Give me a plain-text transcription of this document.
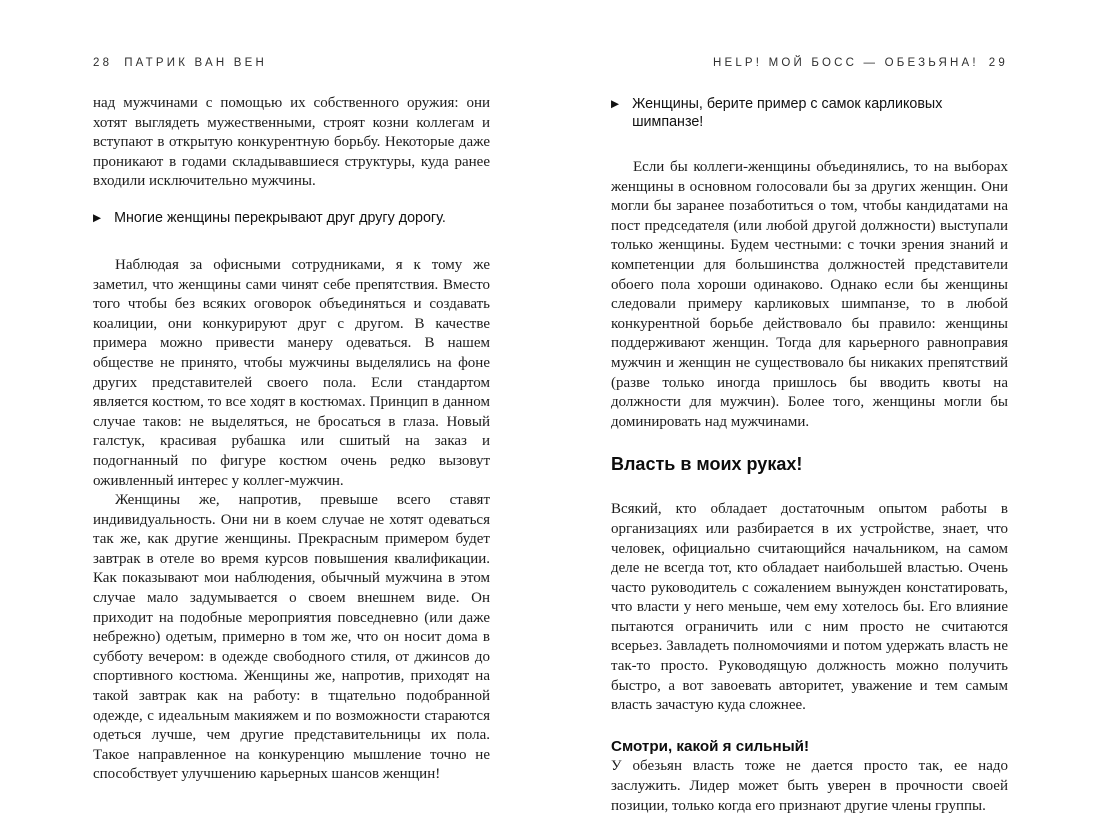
28 ПАТРИК ВАН ВЕН

над мужчинами с помощью их собственного оружия: они хотят выглядеть мужественными, строят козни коллегам и вступают в открытую конкурентную борьбу. Некоторые даже проникают в годами складывавшиеся структуры, куда ранее входили исключительно мужчины.

▶ Многие женщины перекрывают друг другу дорогу.

Наблюдая за офисными сотрудниками, я к тому же заметил, что женщины сами чинят себе препятствия. Вместо того чтобы без всяких оговорок объединяться и создавать коалиции, они конкурируют друг с другом. В качестве примера можно привести манеру одеваться. В нашем обществе не принято, чтобы мужчины выделялись на фоне других представителей своего пола. Если стандартом является костюм, то все ходят в костюмах. Принцип в данном случае таков: не выделяться, не бросаться в глаза. Новый галстук, красивая рубашка или сшитый на заказ и подогнанный по фигуре костюм очень редко вызовут оживленный интерес у коллег-мужчин.

Женщины же, напротив, превыше всего ставят индивидуальность. Они ни в коем случае не хотят одеваться так же, как другие женщины. Прекрасным примером будет завтрак в отеле во время курсов повышения квалификации. Как показывают мои наблюдения, обычный мужчина в этом случае мало задумывается о своем внешнем виде. Он приходит на подобные мероприятия повседневно (или даже небрежно) одетым, примерно в том же, что он носит дома в субботу вечером: в одежде свободного стиля, от джинсов до спортивного костюма. Женщины же, напротив, приходят на такой завтрак как на работу: в тщательно подобранной одежде, с идеальным макияжем и по возможности стараются одеться лучше, чем другие представительницы их пола. Такое направленное на конкуренцию мышление точно не способствует улучшению карьерных шансов женщин!

HELP! МОЙ БОСС — ОБЕЗЬЯНА! 29
▶ Женщины, берите пример с самок карликовых шимпанзе!

Если бы коллеги-женщины объединялись, то на выборах женщины в основном голосовали бы за других женщин. Они могли бы заранее позаботиться о том, чтобы кандидатами на пост председателя (или любой другой должности) выступали только женщины. Будем честными: с точки зрения знаний и компетенции для большинства должностей представители обоего пола хороши одинаково. Однако если бы женщины следовали примеру карликовых шимпанзе, то в любой конкурентной борьбе действовало бы правило: женщины поддерживают женщин. Тогда для карьерного равноправия мужчин и женщин не существовало бы никаких препятствий (разве только иногда пришлось бы вводить квоты на должности для мужчин). Более того, женщины могли бы доминировать над мужчинами.

Власть в моих руках!

Всякий, кто обладает достаточным опытом работы в организациях или разбирается в их устройстве, знает, что человек, официально считающийся начальником, на самом деле не всегда тот, кто обладает наибольшей властью. Очень часто руководитель с сожалением вынужден констатировать, что власти у него меньше, чем ему хотелось бы. Его влияние пытаются ограничить или с ним просто не считаются всерьез. Завладеть полномочиями и потом удержать власть не так-то просто. Руководящую должность можно получить быстро, а вот завоевать авторитет, уважение и тем самым власть зачастую куда сложнее.

Смотри, какой я сильный!

У обезьян власть тоже не дается просто так, ее надо заслужить. Лидер может быть уверен в прочности своей позиции, только когда его признают другие члены группы.
